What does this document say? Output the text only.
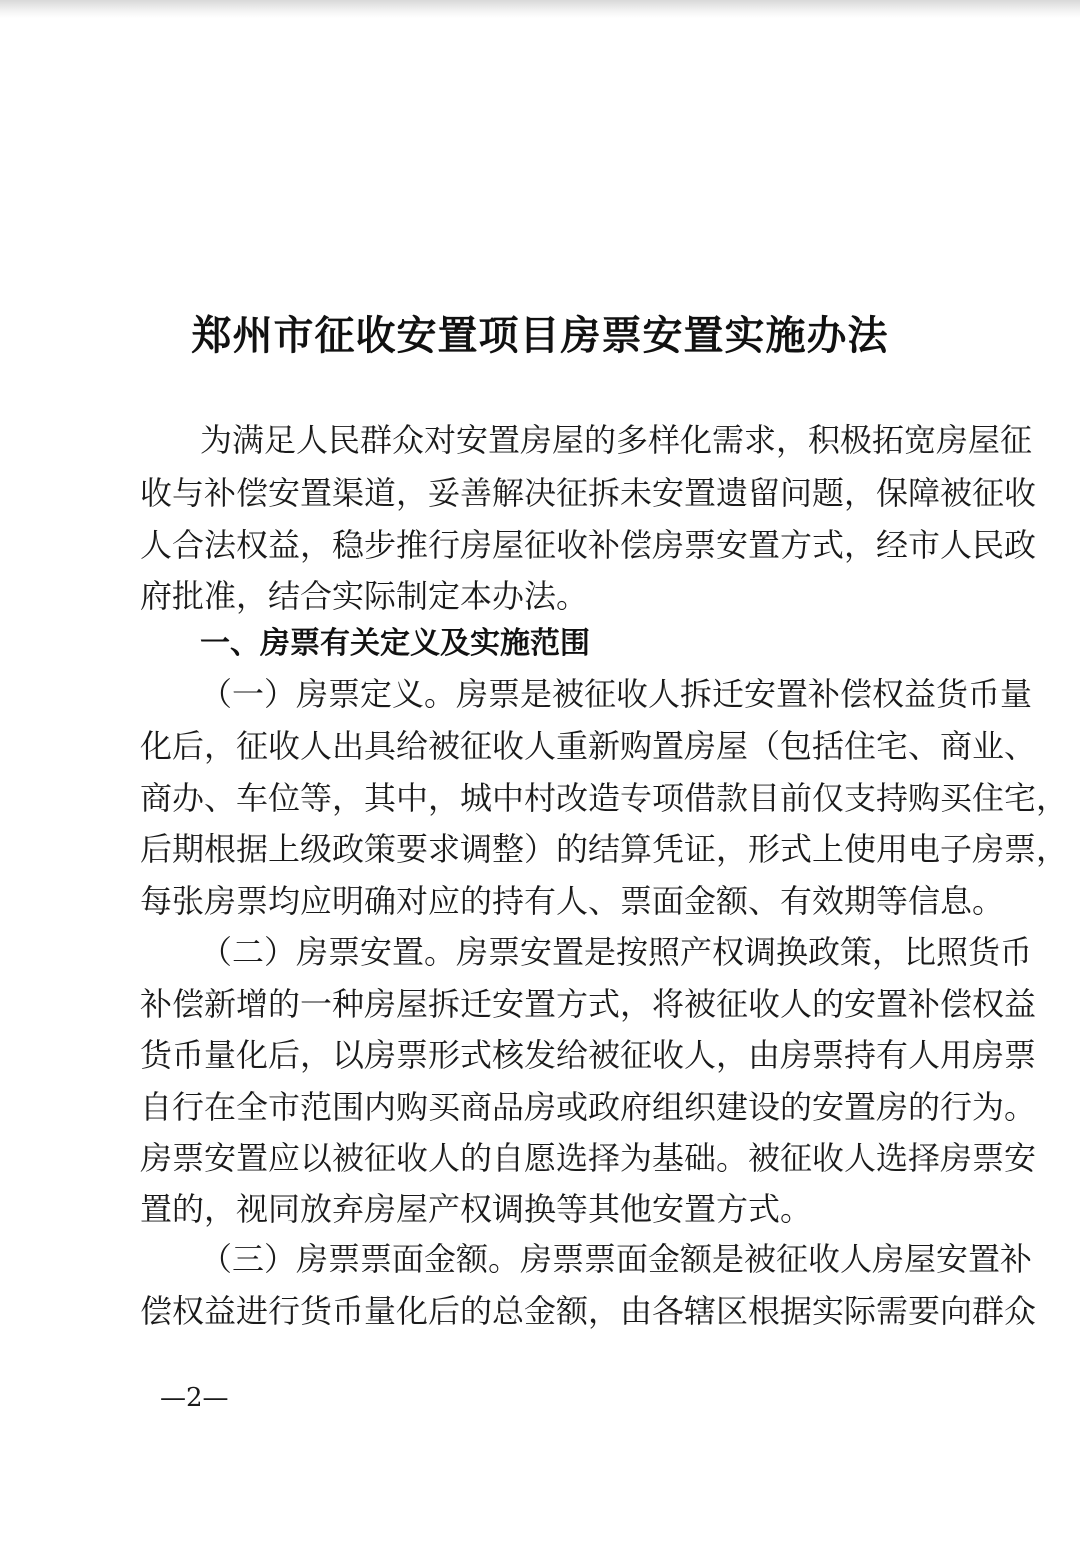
郑州市征收安置项目房票安置实施办法
为满足人民群众对安置房屋的多样化需求，积极拓宽房屋征
收与补偿安置渠道，妥善解决征拆未安置遗留问题，保障被征收
人合法权益，稳步推行房屋征收补偿房票安置方式，经市人民政
府批准，结合实际制定本办法。
一、房票有关定义及实施范围
（一）房票定义。房票是被征收人拆迁安置补偿权益货币量
化后，征收人出具给被征收人重新购置房屋（包括住宅、商业、
商办、车位等，其中，城中村改造专项借款目前仅支持购买住宅，
后期根据上级政策要求调整）的结算凭证，形式上使用电子房票，
每张房票均应明确对应的持有人、票面金额、有效期等信息。
（二）房票安置。房票安置是按照产权调换政策，比照货币
补偿新增的一种房屋拆迁安置方式，将被征收人的安置补偿权益
货币量化后，以房票形式核发给被征收人，由房票持有人用房票
自行在全市范围内购买商品房或政府组织建设的安置房的行为。
房票安置应以被征收人的自愿选择为基础。被征收人选择房票安
置的，视同放弃房屋产权调换等其他安置方式。
（三）房票票面金额。房票票面金额是被征收人房屋安置补
偿权益进行货币量化后的总金额，由各辖区根据实际需要向群众
—2—
